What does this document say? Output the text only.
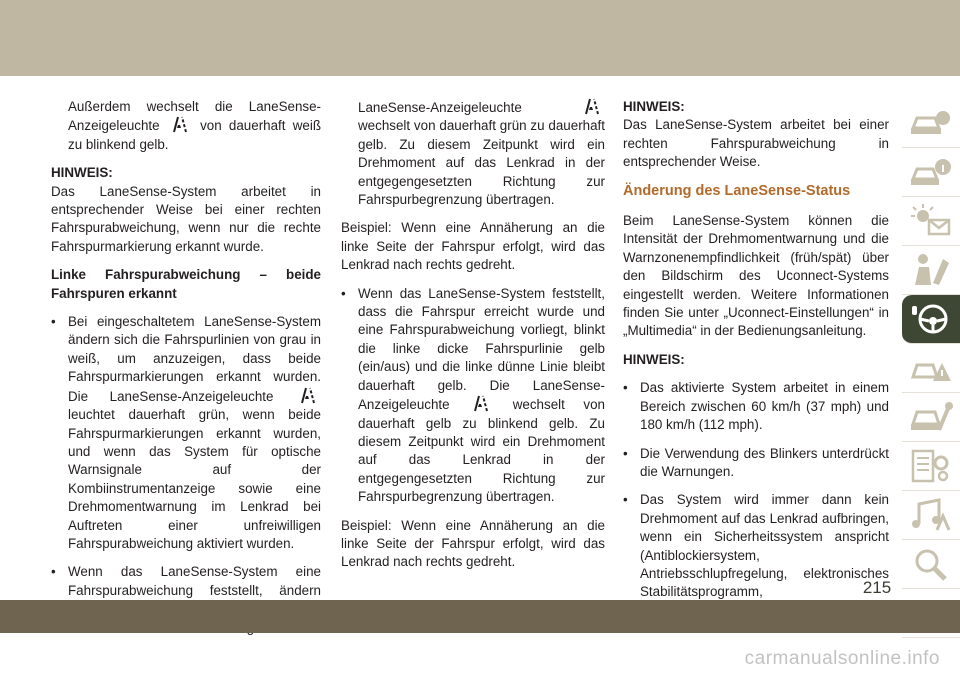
Außerdem wechselt die LaneSense-Anzeigeleuchte	von dauerhaft weiß zu blinkend gelb.

HINWEIS:

Das LaneSense-System arbeitet in entsprechender Weise bei einer rechten Fahrspurabweichung, wenn nur die rechte Fahrspurmarkierung erkannt wurde.

Linke Fahrspurabweichung – beide Fahrspuren erkannt

• Bei eingeschaltetem LaneSense-System ändern sich die Fahrspurlinien von grau in weiß, um anzuzeigen, dass beide Fahrspurmarkierungen erkannt wurden. Die LaneSense-Anzeigeleuchte  leuchtet dauerhaft grün, wenn beide Fahrspurmarkierungen erkannt wurden, und wenn das System für optische Warnsignale auf der Kombiinstrumentanzeige sowie eine Drehmomentwarnung im Lenkrad bei Auftreten einer unfreiwilligen Fahrspurabweichung aktiviert wurden.
• Wenn das LaneSense-System eine Fahrspurabweichung feststellt, ändern

LaneSense-Anzeigeleuchte  wechselt von dauerhaft grün zu dauerhaft gelb. Zu diesem Zeitpunkt wird ein Drehmoment auf das Lenkrad in der entgegengesetzten Richtung zur Fahrspurbegrenzung übertragen.

Beispiel: Wenn eine Annäherung an die linke Seite der Fahrspur erfolgt, wird das Lenkrad nach rechts gedreht.

• Wenn das LaneSense-System feststellt, dass die Fahrspur erreicht wurde und eine Fahrspurabweichung vorliegt, blinkt die linke dicke Fahrspurlinie gelb (ein/aus) und die linke dünne Linie bleibt dauerhaft gelb. Die LaneSense-Anzeigeleuchte	wechselt von dauerhaft gelb zu blinkend gelb. Zu diesem Zeitpunkt wird ein Drehmoment auf das Lenkrad in der entgegengesetzten Richtung zur Fahrspurbegrenzung übertragen.

Beispiel: Wenn eine Annäherung an die linke Seite der Fahrspur erfolgt, wird das Lenkrad nach rechts gedreht.

HINWEIS:

Das LaneSense-System arbeitet bei einer rechten Fahrspurabweichung in entsprechender Weise.

Änderung des LaneSense-Status

Beim LaneSense-System können die Intensität der Drehmomentwarnung und die Warnzonenempfindlichkeit (früh/spät) über den Bildschirm des Uconnect-Systems eingestellt werden. Weitere Informationen finden Sie unter „Uconnect-Einstellungen“ in „Multimedia“ in der Bedienungsanleitung.

HINWEIS:

• Das aktivierte System arbeitet in einem Bereich zwischen 60 km/h (37 mph) und 180 km/h (112 mph).
• Die Verwendung des Blinkers unterdrückt die Warnungen.
• Das System wird immer dann kein Drehmoment auf das Lenkrad aufbringen, wenn ein Sicherheitssystem anspricht (Antiblockiersystem, Antriebsschlupfregelung, elektronisches Stabilitätsprogramm,	215
carmanualsonline.info
